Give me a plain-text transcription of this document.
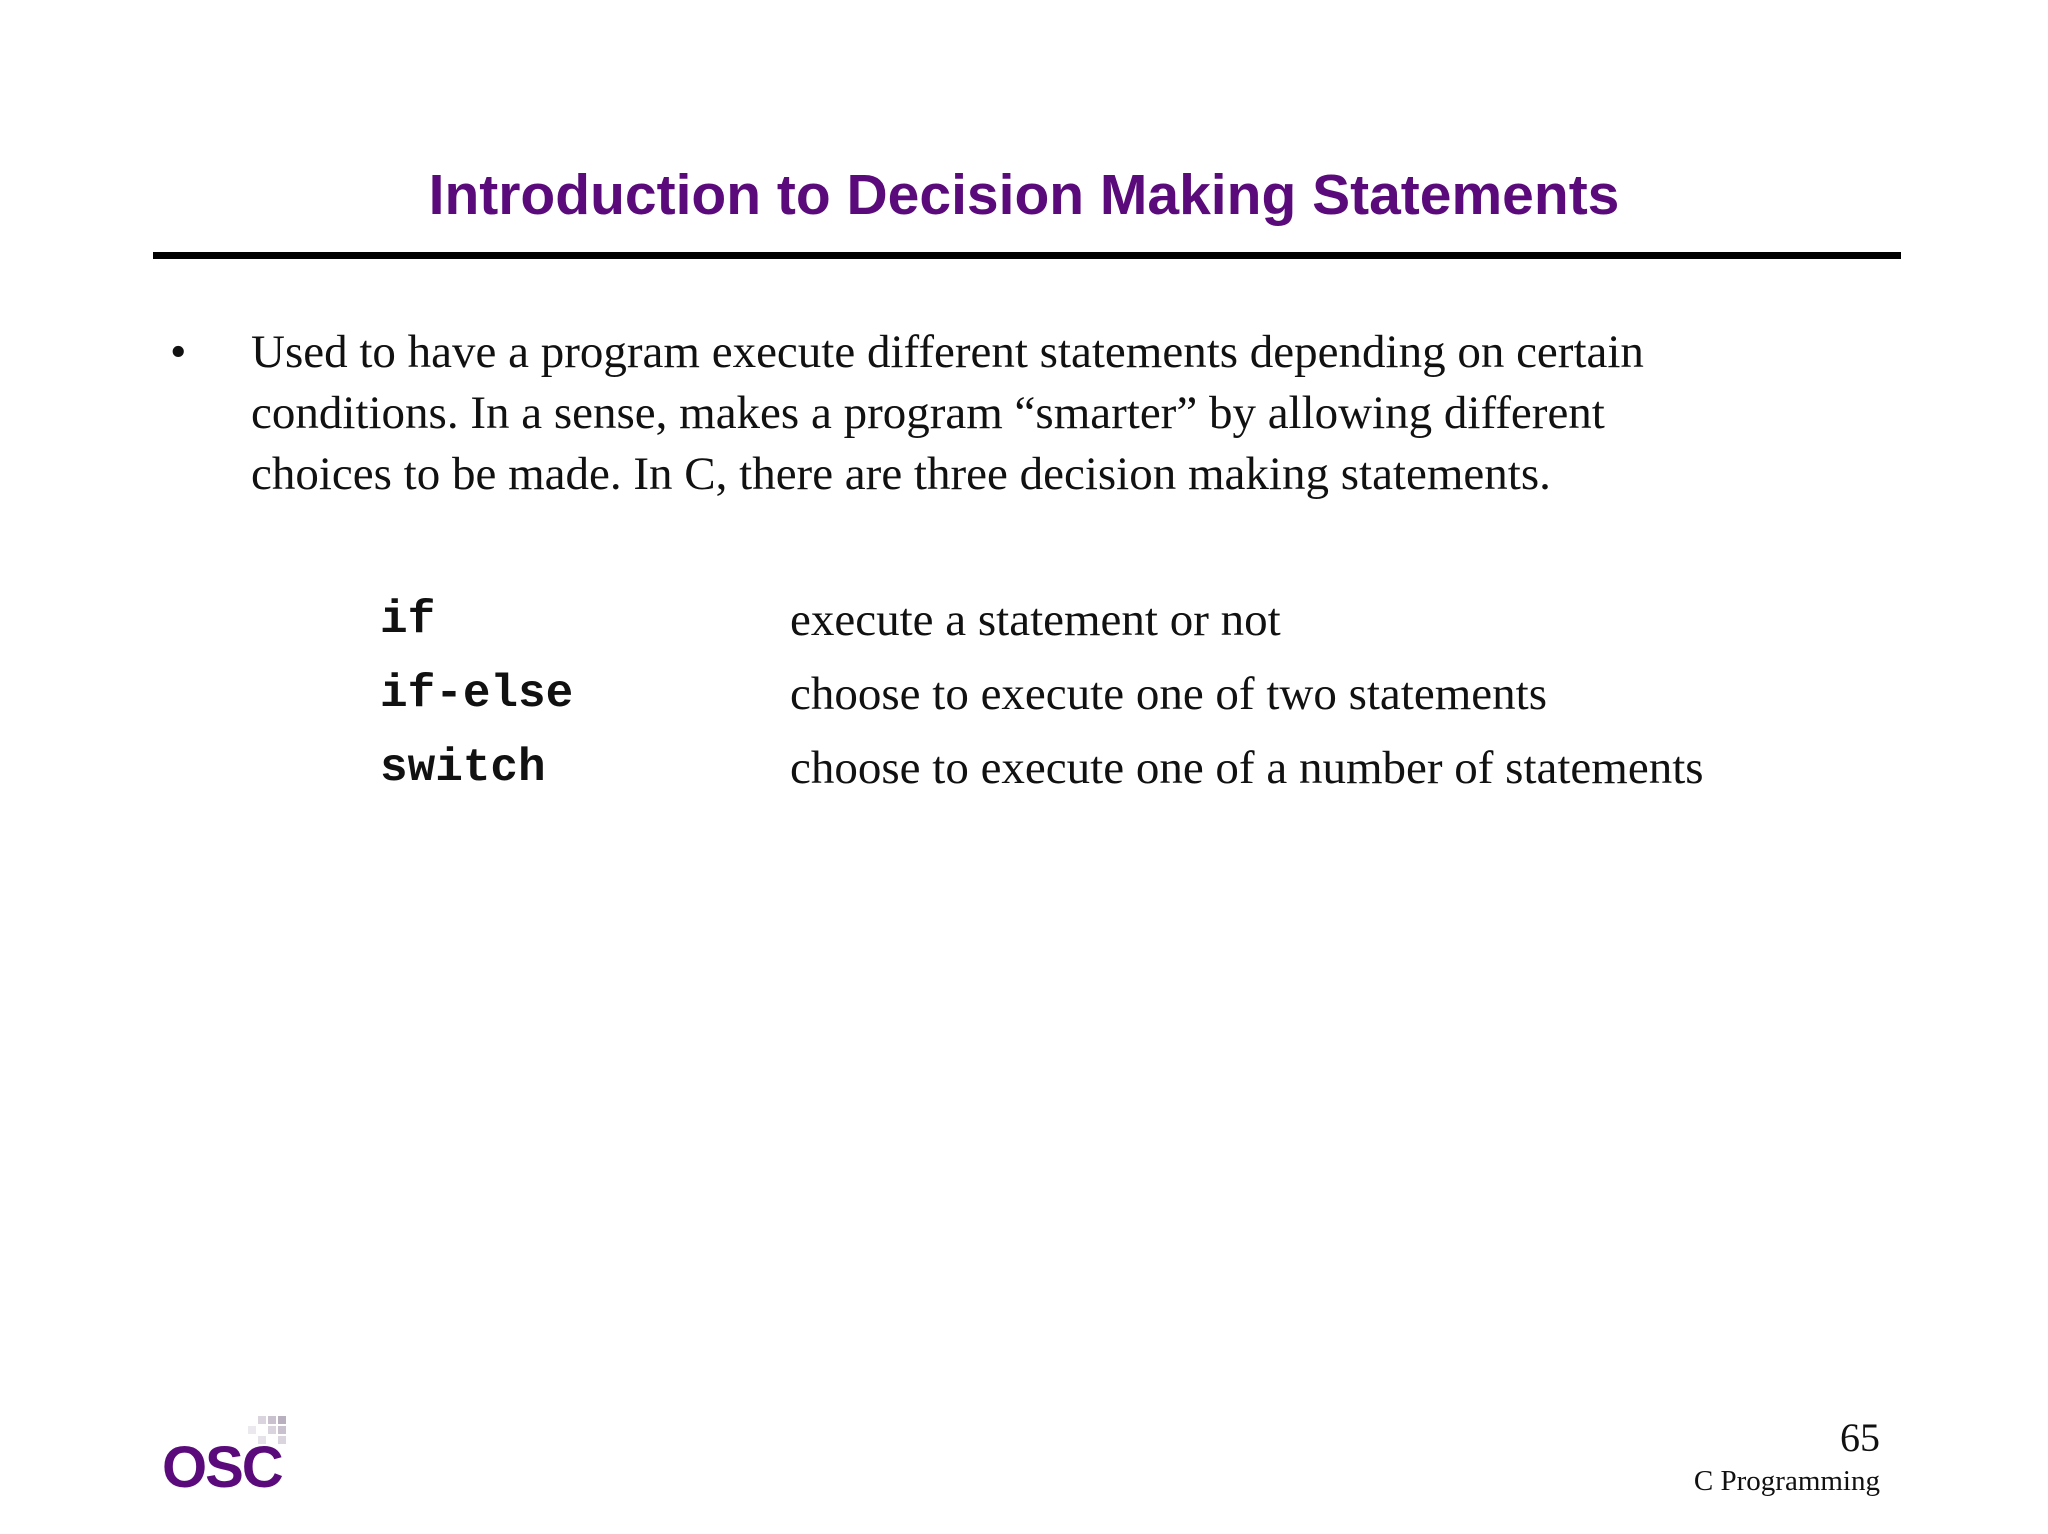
Introduction to Decision Making Statements
•	Used to have a program execute different statements depending on certain
conditions. In a sense, makes a program “smarter” by allowing different
choices to be made. In C, there are three decision making statements.
if	execute a statement or not
if-else	choose to execute one of two statements
switch	choose to execute one of a number of statements
OSC	65
C Programming
